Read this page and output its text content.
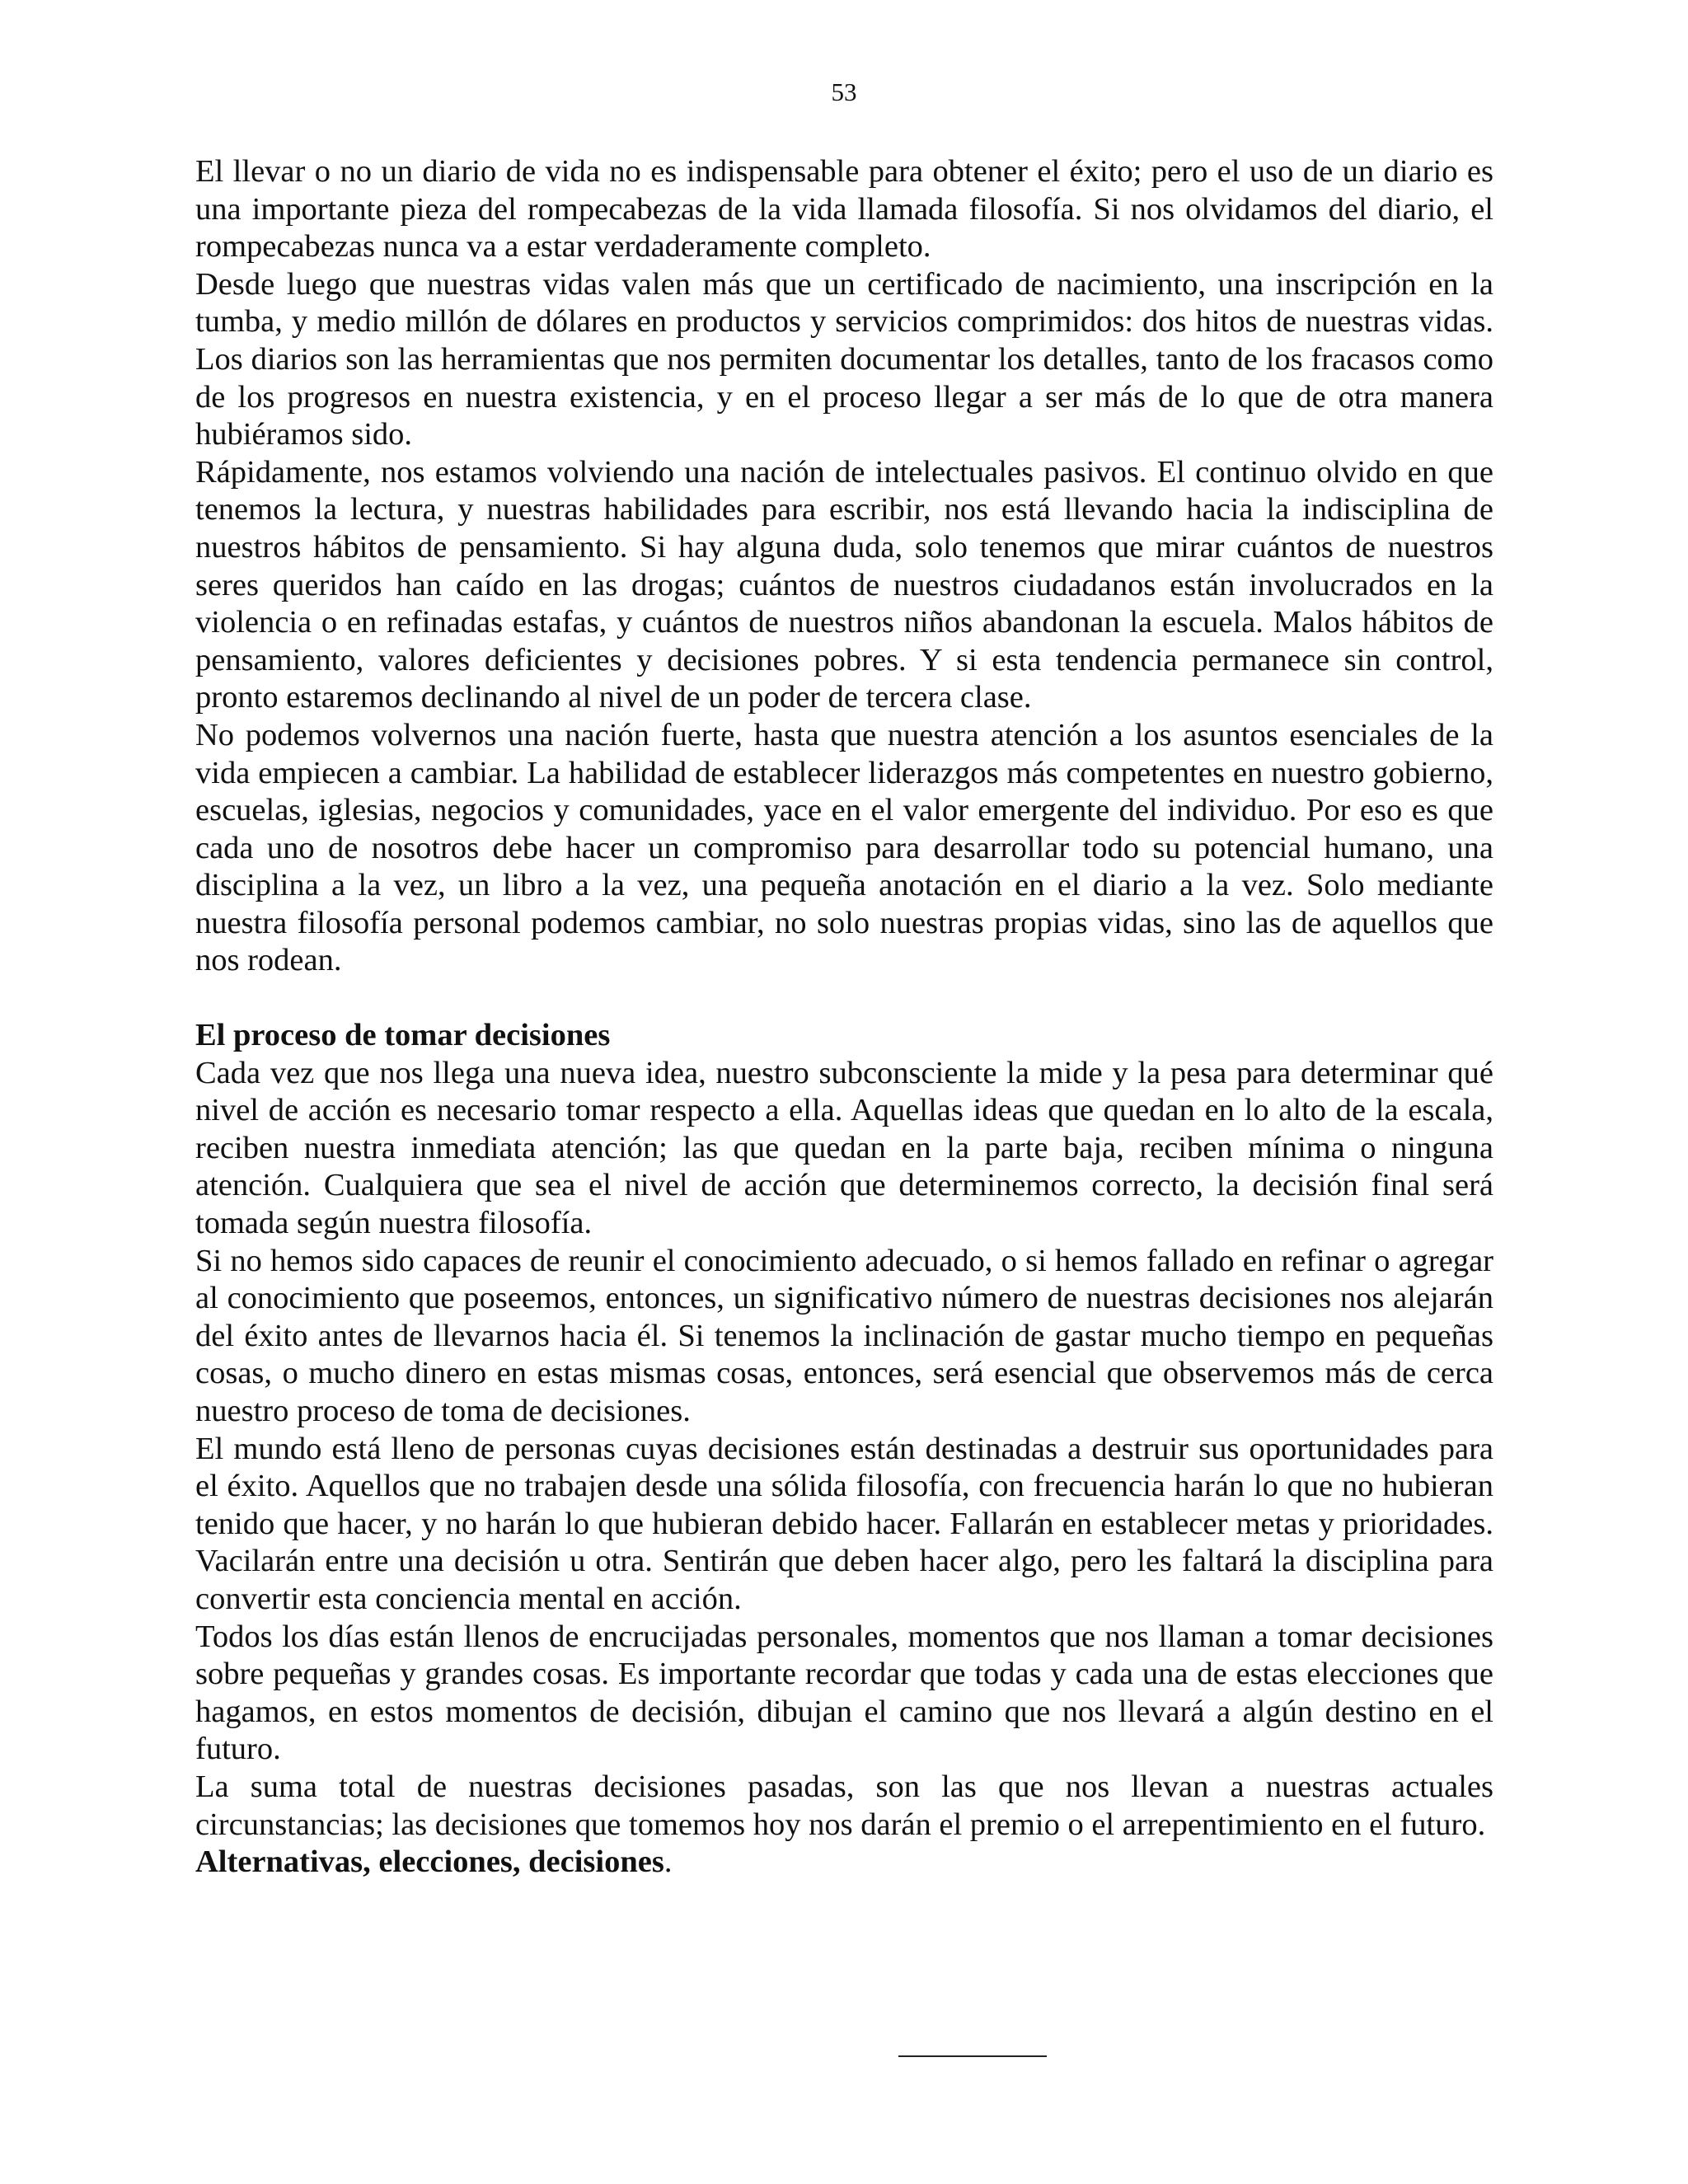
53

El llevar o no un diario de vida no es indispensable para obtener el éxito; pero el uso de un diario es una importante pieza del rompecabezas de la vida llamada filosofía. Si nos olvidamos del diario, el rompecabezas nunca va a estar verdaderamente completo.

Desde luego que nuestras vidas valen más que un certificado de nacimiento, una inscripción en la tumba, y medio millón de dólares en productos y servicios comprimidos: dos hitos de nuestras vidas. Los diarios son las herramientas que nos permiten documentar los detalles, tanto de los fracasos como de los progresos en nuestra existencia, y en el proceso llegar a ser más de lo que de otra manera hubiéramos sido.

Rápidamente, nos estamos volviendo una nación de intelectuales pasivos. El continuo olvido en que tenemos la lectura, y nuestras habilidades para escribir, nos está llevando hacia la indisciplina de nuestros hábitos de pensamiento. Si hay alguna duda, solo tenemos que mirar cuántos de nuestros seres queridos han caído en las drogas; cuántos de nuestros ciudadanos están involucrados en la violencia o en refinadas estafas, y cuántos de nuestros niños abandonan la escuela. Malos hábitos de pensamiento, valores deficientes y decisiones pobres. Y si esta tendencia permanece sin control, pronto estaremos declinando al nivel de un poder de tercera clase.

No podemos volvernos una nación fuerte, hasta que nuestra atención a los asuntos esenciales de la vida empiecen a cambiar. La habilidad de establecer liderazgos más competentes en nuestro gobierno, escuelas, iglesias, negocios y comunidades, yace en el valor emergente del individuo. Por eso es que cada uno de nosotros debe hacer un compromiso para desarrollar todo su potencial humano, una disciplina a la vez, un libro a la vez, una pequeña anotación en el diario a la vez. Solo mediante nuestra filosofía personal podemos cambiar, no solo nuestras propias vidas, sino las de aquellos que nos rodean.

El proceso de tomar decisiones

Cada vez que nos llega una nueva idea, nuestro subconsciente la mide y la pesa para determinar qué nivel de acción es necesario tomar respecto a ella. Aquellas ideas que quedan en lo alto de la escala, reciben nuestra inmediata atención; las que quedan en la parte baja, reciben mínima o ninguna atención. Cualquiera que sea el nivel de acción que determinemos correcto, la decisión final será tomada según nuestra filosofía.

Si no hemos sido capaces de reunir el conocimiento adecuado, o si hemos fallado en refinar o agregar al conocimiento que poseemos, entonces, un significativo número de nuestras decisiones nos alejarán del éxito antes de llevarnos hacia él. Si tenemos la inclinación de gastar mucho tiempo en pequeñas cosas, o mucho dinero en estas mismas cosas, entonces, será esencial que observemos más de cerca nuestro proceso de toma de decisiones.

El mundo está lleno de personas cuyas decisiones están destinadas a destruir sus oportunidades para el éxito. Aquellos que no trabajen desde una sólida filosofía, con frecuencia harán lo que no hubieran tenido que hacer, y no harán lo que hubieran debido hacer. Fallarán en establecer metas y prioridades. Vacilarán entre una decisión u otra. Sentirán que deben hacer algo, pero les faltará la disciplina para convertir esta conciencia mental en acción.

Todos los días están llenos de encrucijadas personales, momentos que nos llaman a tomar decisiones sobre pequeñas y grandes cosas. Es importante recordar que todas y cada una de estas elecciones que hagamos, en estos momentos de decisión, dibujan el camino que nos llevará a algún destino en el futuro.

La suma total de nuestras decisiones pasadas, son las que nos llevan a nuestras actuales circunstancias; las decisiones que tomemos hoy nos darán el premio o el arrepentimiento en el futuro.

Alternativas, elecciones, decisiones.
